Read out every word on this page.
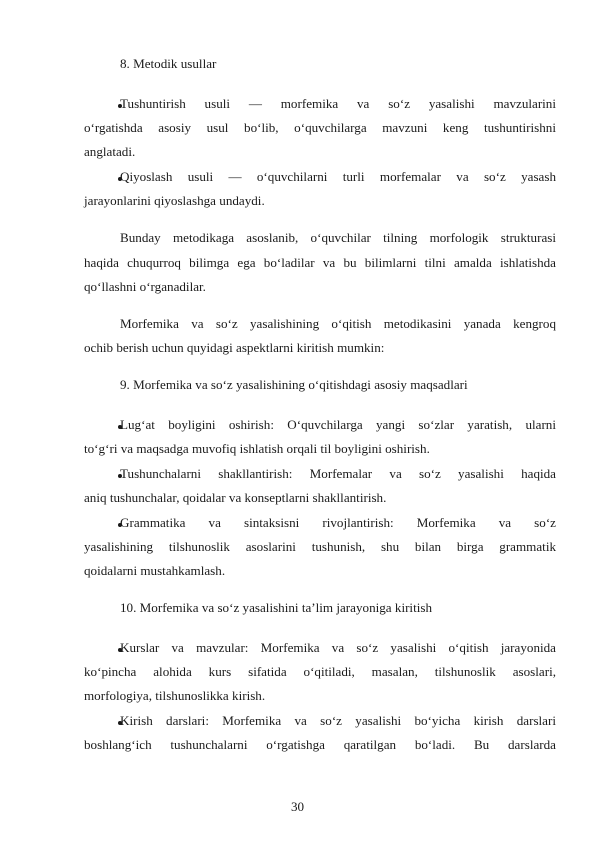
8. Metodik usullar

Tushuntirish usuli — morfemika va so‘z yasalishi mavzularini

o‘rgatishda asosiy usul bo‘lib, o‘quvchilarga mavzuni keng tushuntirishni

anglatadi.

Qiyoslash usuli — o‘quvchilarni turli morfemalar va so‘z yasash

jarayonlarini qiyoslashga undaydi.

Bunday metodikaga asoslanib, o‘quvchilar tilning morfologik strukturasi

haqida chuqurroq bilimga ega bo‘ladilar va bu bilimlarni tilni amalda ishlatishda

qo‘llashni o‘rganadilar.

Morfemika va so‘z yasalishining o‘qitish metodikasini yanada kengroq

ochib berish uchun quyidagi aspektlarni kiritish mumkin:

9. Morfemika va so‘z yasalishining o‘qitishdagi asosiy maqsadlari

Lug‘at boyligini oshirish: O‘quvchilarga yangi so‘zlar yaratish, ularni

to‘g‘ri va maqsadga muvofiq ishlatish orqali til boyligini oshirish.

Tushunchalarni shakllantirish: Morfemalar va so‘z yasalishi haqida

aniq tushunchalar, qoidalar va konseptlarni shakllantirish.

Grammatika va sintaksisni rivojlantirish: Morfemika va so‘z

yasalishining tilshunoslik asoslarini tushunish, shu bilan birga grammatik

qoidalarni mustahkamlash.

10. Morfemika va so‘z yasalishini ta’lim jarayoniga kiritish

Kurslar va mavzular: Morfemika va so‘z yasalishi o‘qitish jarayonida

ko‘pincha alohida kurs sifatida o‘qitiladi, masalan, tilshunoslik asoslari,

morfologiya, tilshunoslikka kirish.

Kirish darslari: Morfemika va so‘z yasalishi bo‘yicha kirish darslari

boshlang‘ich tushunchalarni o‘rgatishga qaratilgan bo‘ladi. Bu darslarda

30
